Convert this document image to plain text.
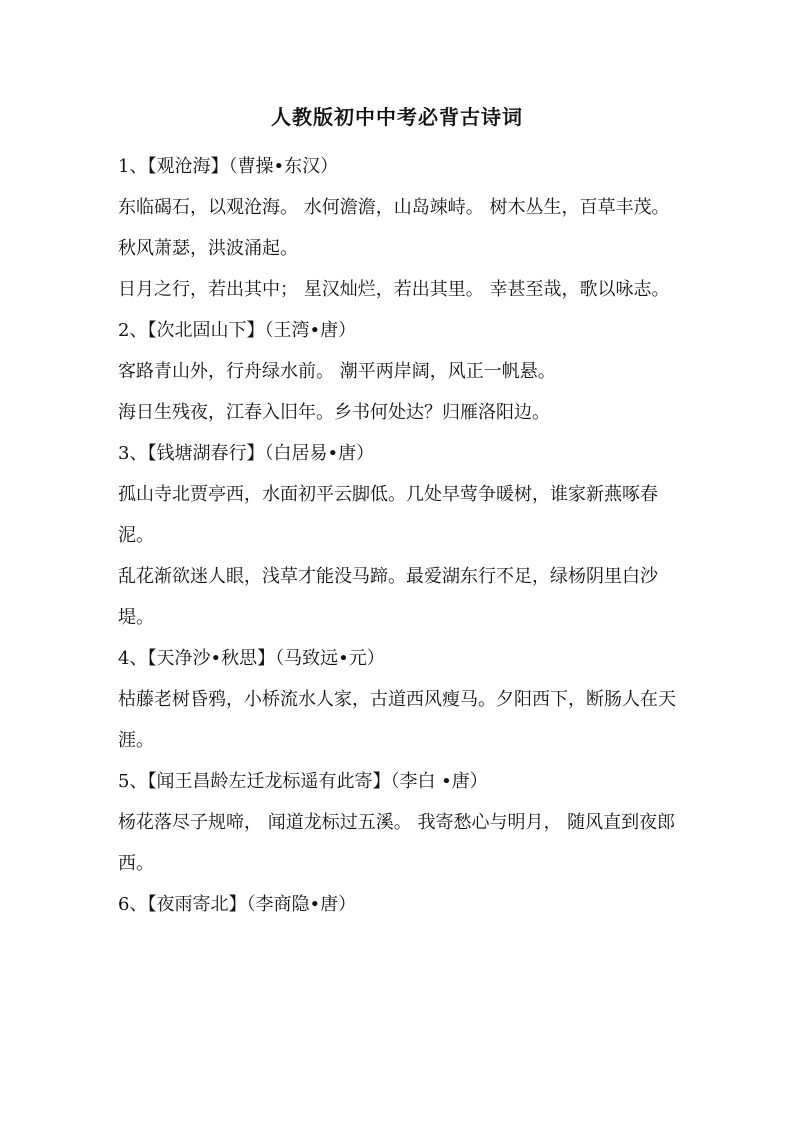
人教版初中中考必背古诗词
1、【观沧海】（曹操•东汉）

东临碣石，以观沧海。 水何澹澹，山岛竦峙。 树木丛生，百草丰茂。 秋风萧瑟，洪波涌起。

日月之行，若出其中； 星汉灿烂，若出其里。 幸甚至哉，歌以咏志。

2、【次北固山下】（王湾•唐）

客路青山外，行舟绿水前。 潮平两岸阔，风正一帆悬。

海日生残夜，江春入旧年。乡书何处达？归雁洛阳边。

3、【钱塘湖春行】（白居易•唐）

孤山寺北贾亭西，水面初平云脚低。几处早莺争暖树，谁家新燕啄春泥。

乱花渐欲迷人眼，浅草才能没马蹄。最爱湖东行不足，绿杨阴里白沙堤。

4、【天净沙•秋思】（马致远•元）

枯藤老树昏鸦，小桥流水人家，古道西风瘦马。夕阳西下，断肠人在天涯。

5、【闻王昌龄左迁龙标遥有此寄】（李白 •唐）

杨花落尽子规啼， 闻道龙标过五溪。 我寄愁心与明月， 随风直到夜郎西。

6、【夜雨寄北】（李商隐•唐）
